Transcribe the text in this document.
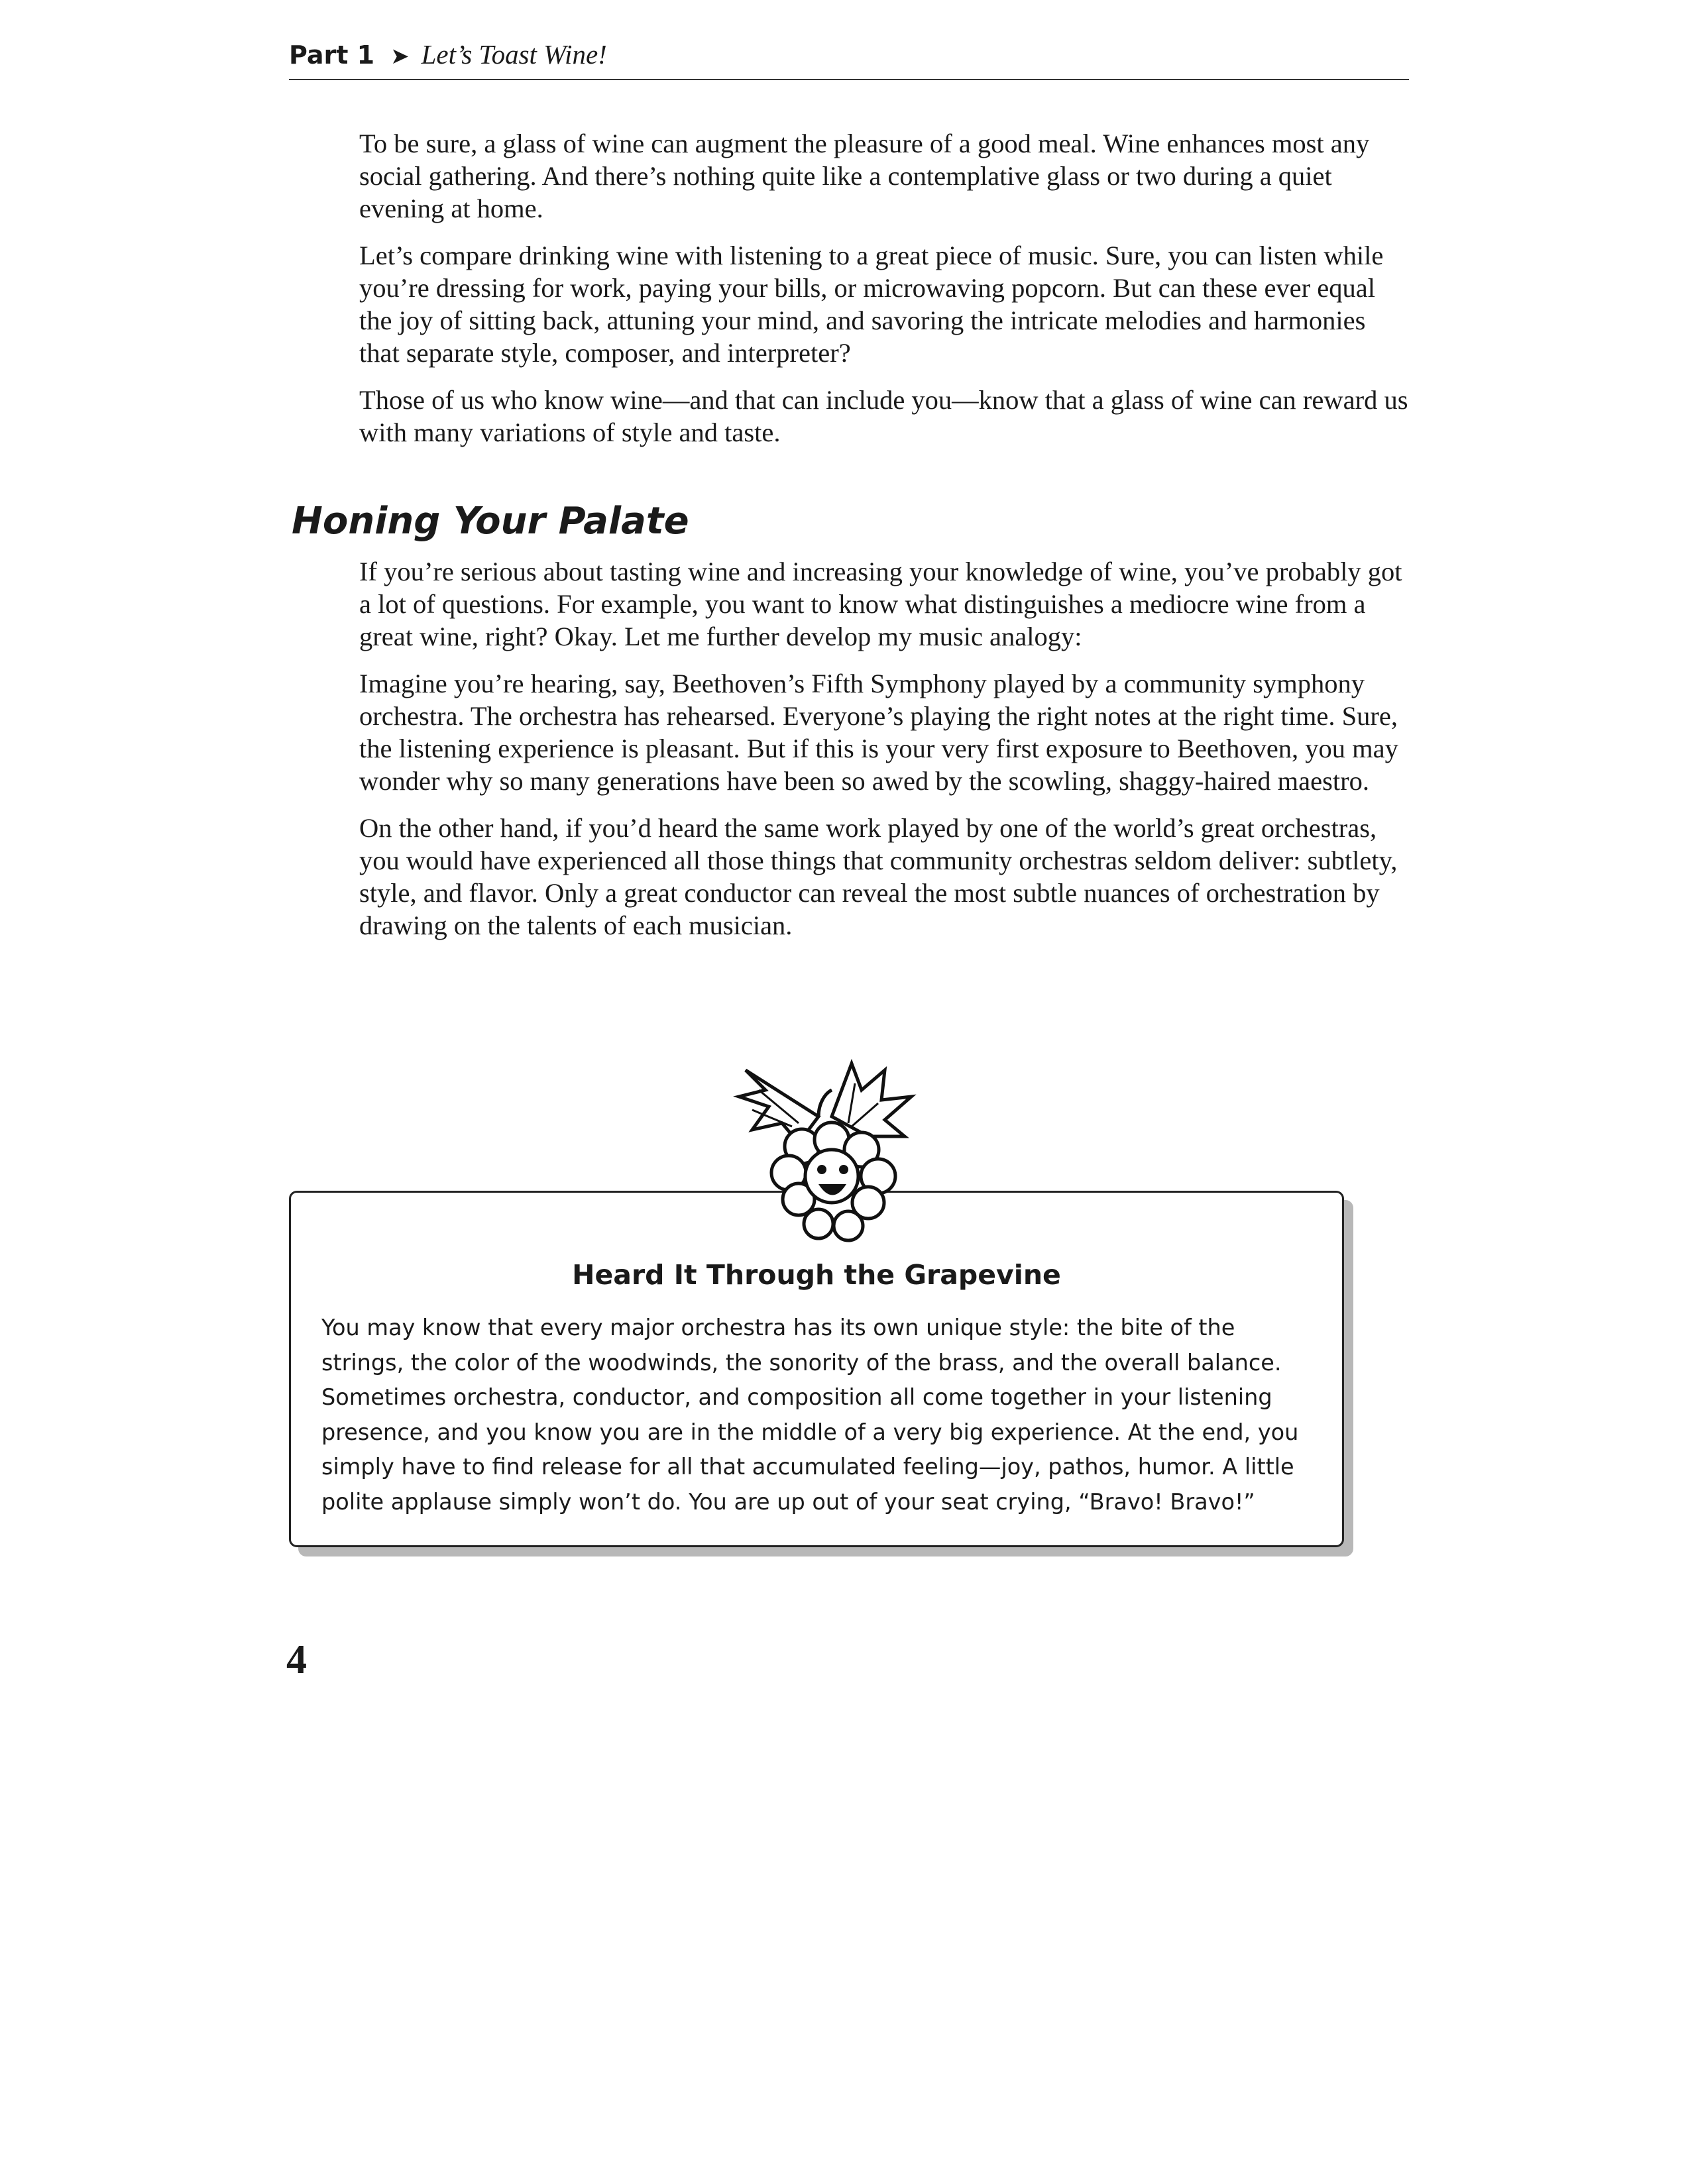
Part 1 ➤ Let’s Toast Wine!

To be sure, a glass of wine can augment the pleasure of a good meal. Wine enhances most any social gathering. And there’s nothing quite like a contemplative glass or two during a quiet evening at home.

Let’s compare drinking wine with listening to a great piece of music. Sure, you can listen while you’re dressing for work, paying your bills, or microwaving popcorn. But can these ever equal the joy of sitting back, attuning your mind, and savoring the intricate melodies and harmonies that separate style, composer, and interpreter?

Those of us who know wine—and that can include you—know that a glass of wine can reward us with many variations of style and taste.

Honing Your Palate

If you’re serious about tasting wine and increasing your knowledge of wine, you’ve probably got a lot of questions. For example, you want to know what distinguishes a mediocre wine from a great wine, right? Okay. Let me further develop my music analogy:

Imagine you’re hearing, say, Beethoven’s Fifth Symphony played by a community symphony orchestra. The orchestra has rehearsed. Everyone’s playing the right notes at the right time. Sure, the listening experience is pleasant. But if this is your very first exposure to Beethoven, you may wonder why so many generations have been so awed by the scowling, shaggy-haired maestro.

On the other hand, if you’d heard the same work played by one of the world’s great orchestras, you would have experienced all those things that community orchestras seldom deliver: subtlety, style, and flavor. Only a great conductor can reveal the most subtle nuances of orchestration by drawing on the talents of each musician.

Heard It Through the Grapevine
You may know that every major orchestra has its own unique style: the bite of the strings, the color of the woodwinds, the sonority of the brass, and the overall balance. Sometimes orchestra, conductor, and composition all come together in your listening presence, and you know you are in the middle of a very big experience. At the end, you simply have to find release for all that accumulated feeling—joy, pathos, humor. A little polite applause simply won’t do. You are up out of your seat crying, “Bravo! Bravo!”
4
